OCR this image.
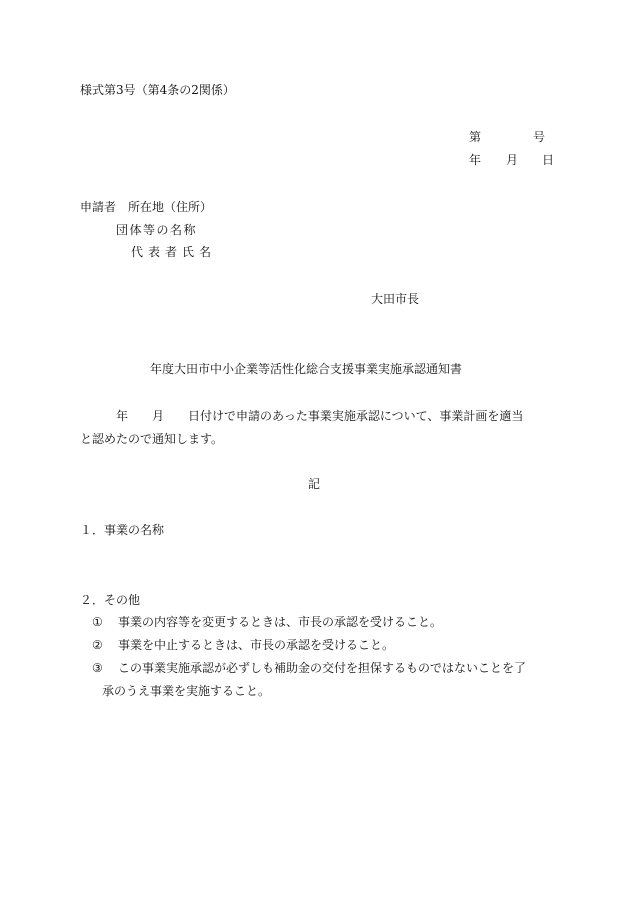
様式第3号（第4条の2関係）
第	号
年 月 日
申請者 所在地（住所）
団体等の名称
代表者氏名
大田市長
年度大田市中小企業等活性化総合支援事業実施承認通知書
年 月 日付けで申請のあった事業実施承認について、事業計画を適当
と認めたので通知します。
記
１．事業の名称
２．その他
① 事業の内容等を変更するときは、市長の承認を受けること。
② 事業を中止するときは、市長の承認を受けること。
③ この事業実施承認が必ずしも補助金の交付を担保するものではないことを了
承のうえ事業を実施すること。
